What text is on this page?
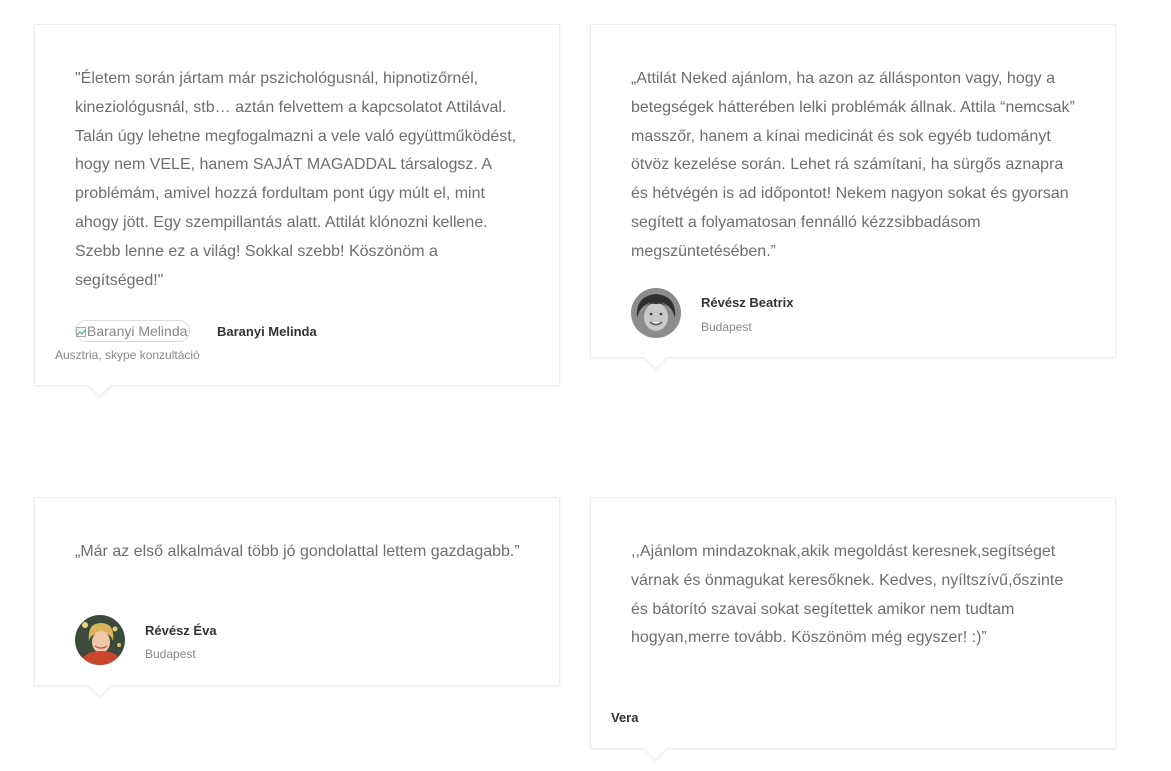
"Életem során jártam már pszichológusnál, hipnotizőrnél, kineziológusnál, stb… aztán felvettem a kapcsolatot Attilával. Talán úgy lehetne megfogalmazni a vele való együttműködést, hogy nem VELE, hanem SAJÁT MAGADDAL társalogsz. A problémám, amivel hozzá fordultam pont úgy múlt el, mint ahogy jött. Egy szempillantás alatt. Attilát klónozni kellene. Szebb lenne ez a világ! Sokkal szebb! Köszönöm a segítséged!"

Baranyi Melinda Baranyi Melinda
Ausztria, skype konzultáció

„Attilát Neked ajánlom, ha azon az állásponton vagy, hogy a betegségek hátterében lelki problémák állnak. Attila “nemcsak” masszőr, hanem a kínai medicinát és sok egyéb tudományt ötvöz kezelése során. Lehet rá számítani, ha sürgős aznapra és hétvégén is ad időpontot! Nekem nagyon sokat és gyorsan segített a folyamatosan fennálló kézzsibbadásom megszüntetésében.”

Révész Beatrix
Budapest

„Már az első alkalmával több jó gondolattal lettem gazdagabb.”

Révész Éva
Budapest

,,Ajánlom mindazoknak,akik megoldást keresnek,segítséget várnak és önmagukat keresőknek. Kedves, nyíltszívű,őszinte és bátorító szavai sokat segítettek amikor nem tudtam hogyan,merre tovább. Köszönöm még egyszer! :)”

Vera
